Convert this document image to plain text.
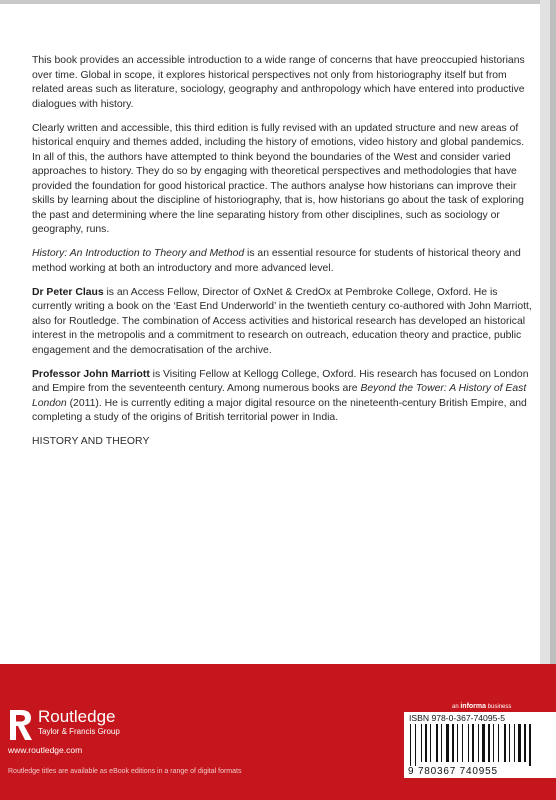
This book provides an accessible introduction to a wide range of concerns that have preoccupied historians over time. Global in scope, it explores historical perspectives not only from historiography itself but from related areas such as literature, sociology, geography and anthropology which have entered into productive dialogues with history.

Clearly written and accessible, this third edition is fully revised with an updated structure and new areas of historical enquiry and themes added, including the history of emotions, video history and global pandemics. In all of this, the authors have attempted to think beyond the boundaries of the West and consider varied approaches to history. They do so by engaging with theoretical perspectives and methodologies that have provided the foundation for good historical practice. The authors analyse how historians can improve their skills by learning about the discipline of historiography, that is, how historians go about the task of exploring the past and determining where the line separating history from other disciplines, such as sociology or geography, runs.

History: An Introduction to Theory and Method is an essential resource for students of historical theory and method working at both an introductory and more advanced level.

Dr Peter Claus is an Access Fellow, Director of OxNet & CredOx at Pembroke College, Oxford. He is currently writing a book on the ‘East End Underworld’ in the twentieth century co-authored with John Marriott, also for Routledge. The combination of Access activities and historical research has developed an historical interest in the metropolis and a commitment to research on outreach, education theory and practice, public engagement and the democratisation of the archive.

Professor John Marriott is Visiting Fellow at Kellogg College, Oxford. His research has focused on London and Empire from the seventeenth century. Among numerous books are Beyond the Tower: A History of East London (2011). He is currently editing a major digital resource on the nineteenth-century British Empire, and completing a study of the origins of British territorial power in India.

HISTORY AND THEORY

Routledge
Taylor & Francis Group
www.routledge.com
Routledge titles are available as eBook editions in a range of digital formats
an informa business
ISBN 978-0-367-74095-5
9 780367 740955
